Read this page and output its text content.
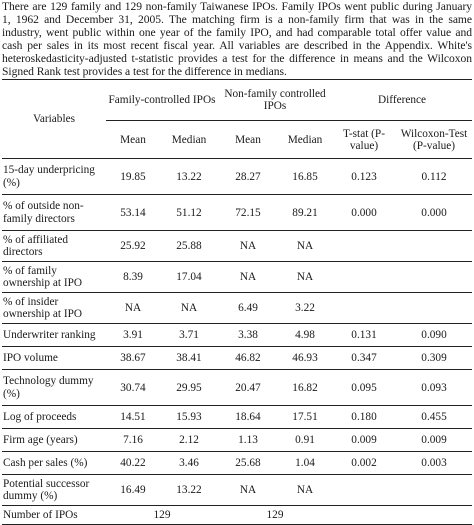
There are 129 family and 129 non-family Taiwanese IPOs. Family IPOs went public during January 1, 1962 and December 31, 2005. The matching firm is a non-family firm that was in the same industry, went public within one year of the family IPO, and had comparable total offer value and cash per sales in its most recent fiscal year. All variables are described in the Appendix. White's heteroskedasticity-adjusted t-statistic provides a test for the difference in means and the Wilcoxon Signed Rank test provides a test for the difference in medians.

Variables	Family-controlled IPOs		Non-family controlled IPOs		Difference	
	Mean	Median	Mean	Median	T-stat (P-value)	Wilcoxon-Test (P-value)
15-day underpricing (%)	19.85	13.22	28.27	16.85	0.123	0.112
% of outside non-family directors	53.14	51.12	72.15	89.21	0.000	0.000
% of affiliated directors	25.92	25.88	NA	NA		
% of family ownership at IPO	8.39	17.04	NA	NA		
% of insider ownership at IPO	NA	NA	6.49	3.22		
Underwriter ranking	3.91	3.71	3.38	4.98	0.131	0.090
IPO volume	38.67	38.41	46.82	46.93	0.347	0.309
Technology dummy (%)	30.74	29.95	20.47	16.82	0.095	0.093
Log of proceeds	14.51	15.93	18.64	17.51	0.180	0.455
Firm age (years)	7.16	2.12	1.13	0.91	0.009	0.009
Cash per sales (%)	40.22	3.46	25.68	1.04	0.002	0.003
Potential successor dummy (%)	16.49	13.22	NA	NA		
Number of IPOs	129		129			
